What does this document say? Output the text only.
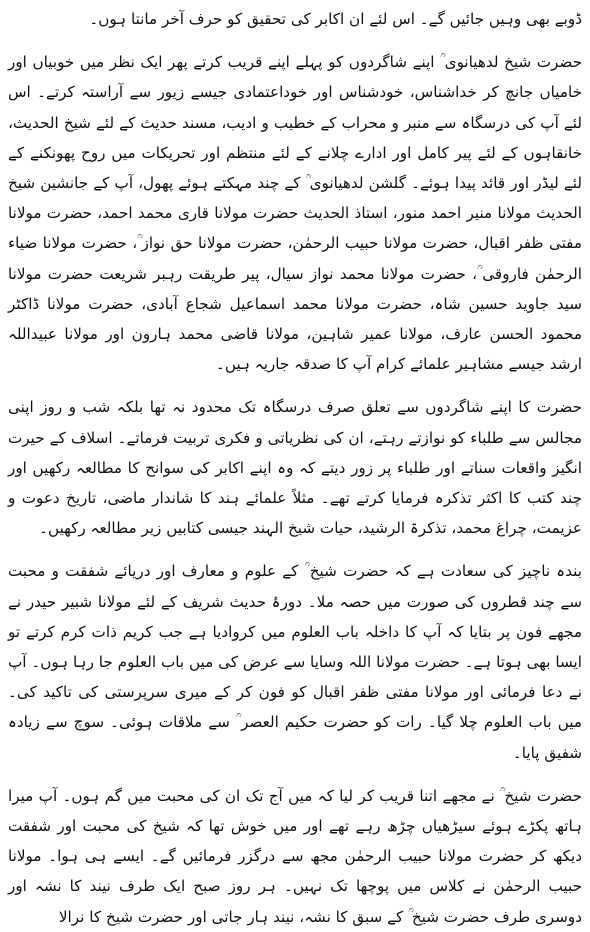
ڈوبے بھی وہیں جائیں گے۔ اس لئے ان اکابر کی تحقیق کو حرف آخر مانتا ہوں۔

حضرت شیخ لدھیانوی ؒ اپنے شاگردوں کو پہلے اپنے قریب کرتے پھر ایک نظر میں خوبیاں اور خامیاں جانچ کر خداشناس، خودشناس اور خوداعتمادی جیسے زیور سے آراستہ کرتے۔ اس لئے آپ کی درسگاہ سے منبر و محراب کے خطیب و ادیب، مسند حدیث کے لئے شیخ الحدیث، خانقاہوں کے لئے پیر کامل اور ادارے چلانے کے لئے منتظم اور تحریکات میں روح پھونکنے کے لئے لیڈر اور قائد پیدا ہوئے۔ گلشن لدھیانوی ؒ کے چند مہکتے ہوئے پھول، آپ کے جانشین شیخ الحدیث مولانا منیر احمد منور، استاذ الحدیث حضرت مولانا قاری محمد احمد، حضرت مولانا مفتی ظفر اقبال، حضرت مولانا حبیب الرحمٰن، حضرت مولانا حق نواز ؒ، حضرت مولانا ضیاء الرحمٰن فاروقی ؒ، حضرت مولانا محمد نواز سیال، پیر طریقت رہبر شریعت حضرت مولانا سید جاوید حسین شاہ، حضرت مولانا محمد اسماعیل شجاع آبادی، حضرت مولانا ڈاکٹر محمود الحسن عارف، مولانا عمیر شاہین، مولانا قاضی محمد ہارون اور مولانا عبیداللہ ارشد جیسے مشاہیر علمائے کرام آپ کا صدقہ جاریہ ہیں۔

حضرت کا اپنے شاگردوں سے تعلق صرف درسگاہ تک محدود نہ تھا بلکہ شب و روز اپنی مجالس سے طلباء کو نوازتے رہتے، ان کی نظریاتی و فکری تربیت فرماتے۔ اسلاف کے حیرت انگیز واقعات سناتے اور طلباء پر زور دیتے کہ وہ اپنے اکابر کی سوانح کا مطالعہ رکھیں اور چند کتب کا اکثر تذکرہ فرمایا کرتے تھے۔ مثلاً علمائے ہند کا شاندار ماضی، تاریخ دعوت و عزیمت، چراغ محمد، تذکرۃ الرشید، حیات شیخ الہند جیسی کتابیں زیر مطالعہ رکھیں۔

بندہ ناچیز کی سعادت ہے کہ حضرت شیخ ؒ کے علوم و معارف اور دریائے شفقت و محبت سے چند قطروں کی صورت میں حصہ ملا۔ دورۂ حدیث شریف کے لئے مولانا شبیر حیدر نے مجھے فون پر بتایا کہ آپ کا داخلہ باب العلوم میں کروادیا ہے جب کریم ذات کرم کرتے تو ایسا بھی ہوتا ہے۔ حضرت مولانا اللہ وسایا سے عرض کی میں باب العلوم جا رہا ہوں۔ آپ نے دعا فرمائی اور مولانا مفتی ظفر اقبال کو فون کر کے میری سرپرستی کی تاکید کی۔ میں باب العلوم چلا گیا۔ رات کو حضرت حکیم العصر ؒ سے ملاقات ہوئی۔ سوچ سے زیادہ شفیق پایا۔

حضرت شیخ ؒ نے مجھے اتنا قریب کر لیا کہ میں آج تک ان کی محبت میں گم ہوں۔ آپ میرا ہاتھ پکڑے ہوئے سیڑھیاں چڑھ رہے تھے اور میں خوش تھا کہ شیخ کی محبت اور شفقت دیکھ کر حضرت مولانا حبیب الرحمٰن مجھ سے درگزر فرمائیں گے۔ ایسے ہی ہوا۔ مولانا حبیب الرحمٰن نے کلاس میں پوچھا تک نہیں۔ ہر روز صبح ایک طرف نیند کا نشہ اور دوسری طرف حضرت شیخ ؒ کے سبق کا نشہ، نیند ہار جاتی اور حضرت شیخ کا نرالا
